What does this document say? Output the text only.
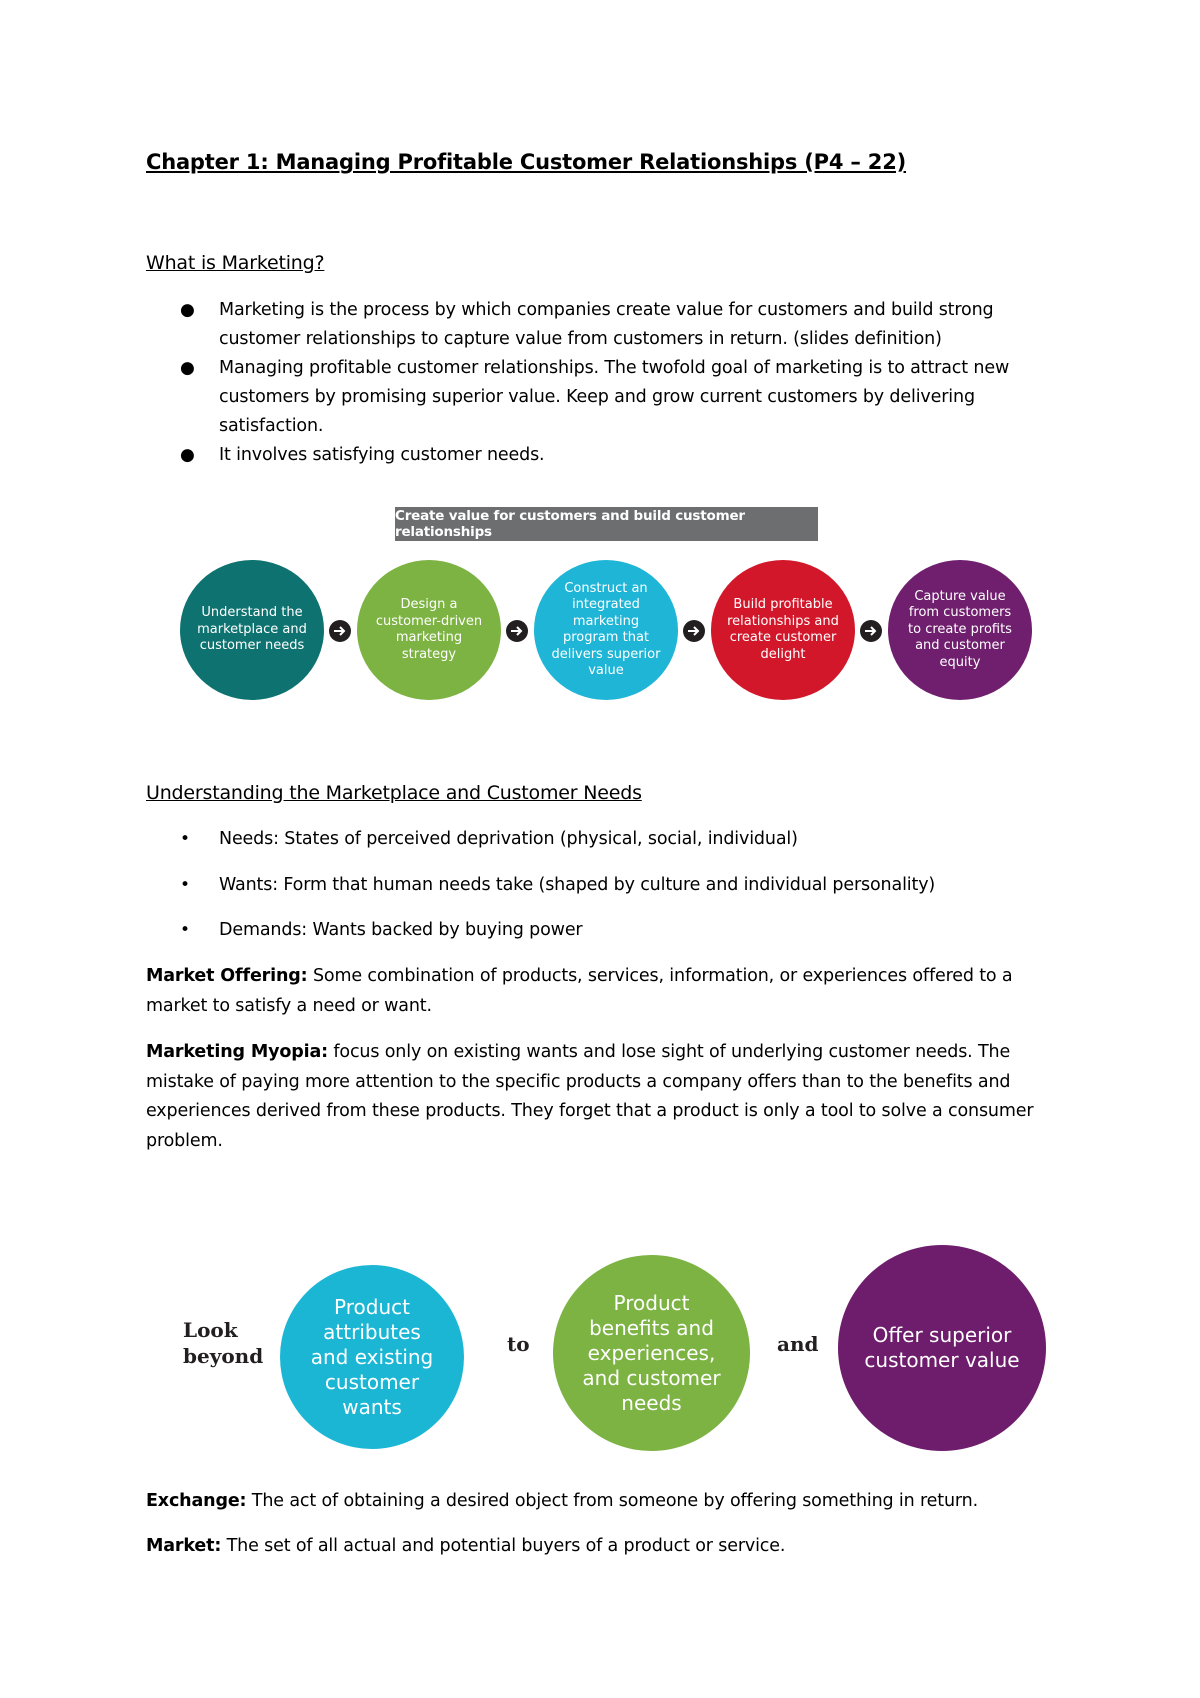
Chapter 1: Managing Profitable Customer Relationships (P4 – 22)
What is Marketing?
● Marketing is the process by which companies create value for customers and build strong customer relationships to capture value from customers in return. (slides definition)
● Managing profitable customer relationships. The twofold goal of marketing is to attract new customers by promising superior value. Keep and grow current customers by delivering satisfaction.
● It involves satisfying customer needs.
Create value for customers and build customer relationships
Understand the marketplace and customer needs
Design a customer-driven marketing strategy
Construct an integrated marketing program that delivers superior value
Build profitable relationships and create customer delight
Capture value from customers to create profits and customer equity
Understanding the Marketplace and Customer Needs
• Needs: States of perceived deprivation (physical, social, individual)
• Wants: Form that human needs take (shaped by culture and individual personality)
• Demands: Wants backed by buying power
Market Offering: Some combination of products, services, information, or experiences offered to a market to satisfy a need or want.
Marketing Myopia: focus only on existing wants and lose sight of underlying customer needs. The mistake of paying more attention to the specific products a company offers than to the benefits and experiences derived from these products. They forget that a product is only a tool to solve a consumer problem.
Look beyond
Product attributes and existing customer wants
to
Product benefits and experiences, and customer needs
and	Offer superior customer value
Exchange: The act of obtaining a desired object from someone by offering something in return.
Market: The set of all actual and potential buyers of a product or service.
